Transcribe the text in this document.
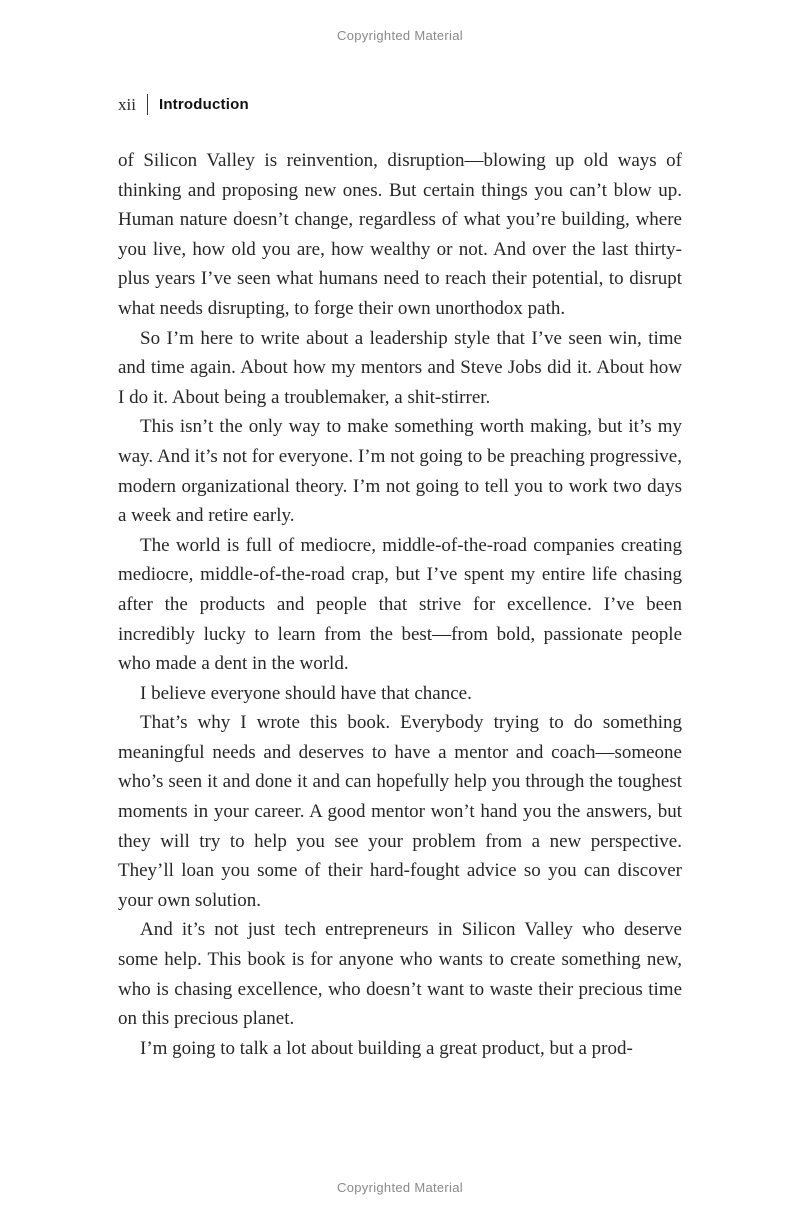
Copyrighted Material
xii Introduction

of Silicon Valley is reinvention, disruption—blowing up old ways of thinking and proposing new ones. But certain things you can’t blow up. Human nature doesn’t change, regardless of what you’re building, where you live, how old you are, how wealthy or not. And over the last thirty-plus years I’ve seen what humans need to reach their potential, to disrupt what needs disrupting, to forge their own unorthodox path.

So I’m here to write about a leadership style that I’ve seen win, time and time again. About how my mentors and Steve Jobs did it. About how I do it. About being a troublemaker, a shit-stirrer.

This isn’t the only way to make something worth making, but it’s my way. And it’s not for everyone. I’m not going to be preaching progressive, modern organizational theory. I’m not going to tell you to work two days a week and retire early.

The world is full of mediocre, middle-of-the-road companies creating mediocre, middle-of-the-road crap, but I’ve spent my entire life chasing after the products and people that strive for excellence. I’ve been incredibly lucky to learn from the best—from bold, passionate people who made a dent in the world.

I believe everyone should have that chance.

That’s why I wrote this book. Everybody trying to do something meaningful needs and deserves to have a mentor and coach—someone who’s seen it and done it and can hopefully help you through the toughest moments in your career. A good mentor won’t hand you the answers, but they will try to help you see your problem from a new perspective. They’ll loan you some of their hard-fought advice so you can discover your own solution.

And it’s not just tech entrepreneurs in Silicon Valley who deserve some help. This book is for anyone who wants to create something new, who is chasing excellence, who doesn’t want to waste their precious time on this precious planet.

I’m going to talk a lot about building a great product, but a prod-

Copyrighted Material
